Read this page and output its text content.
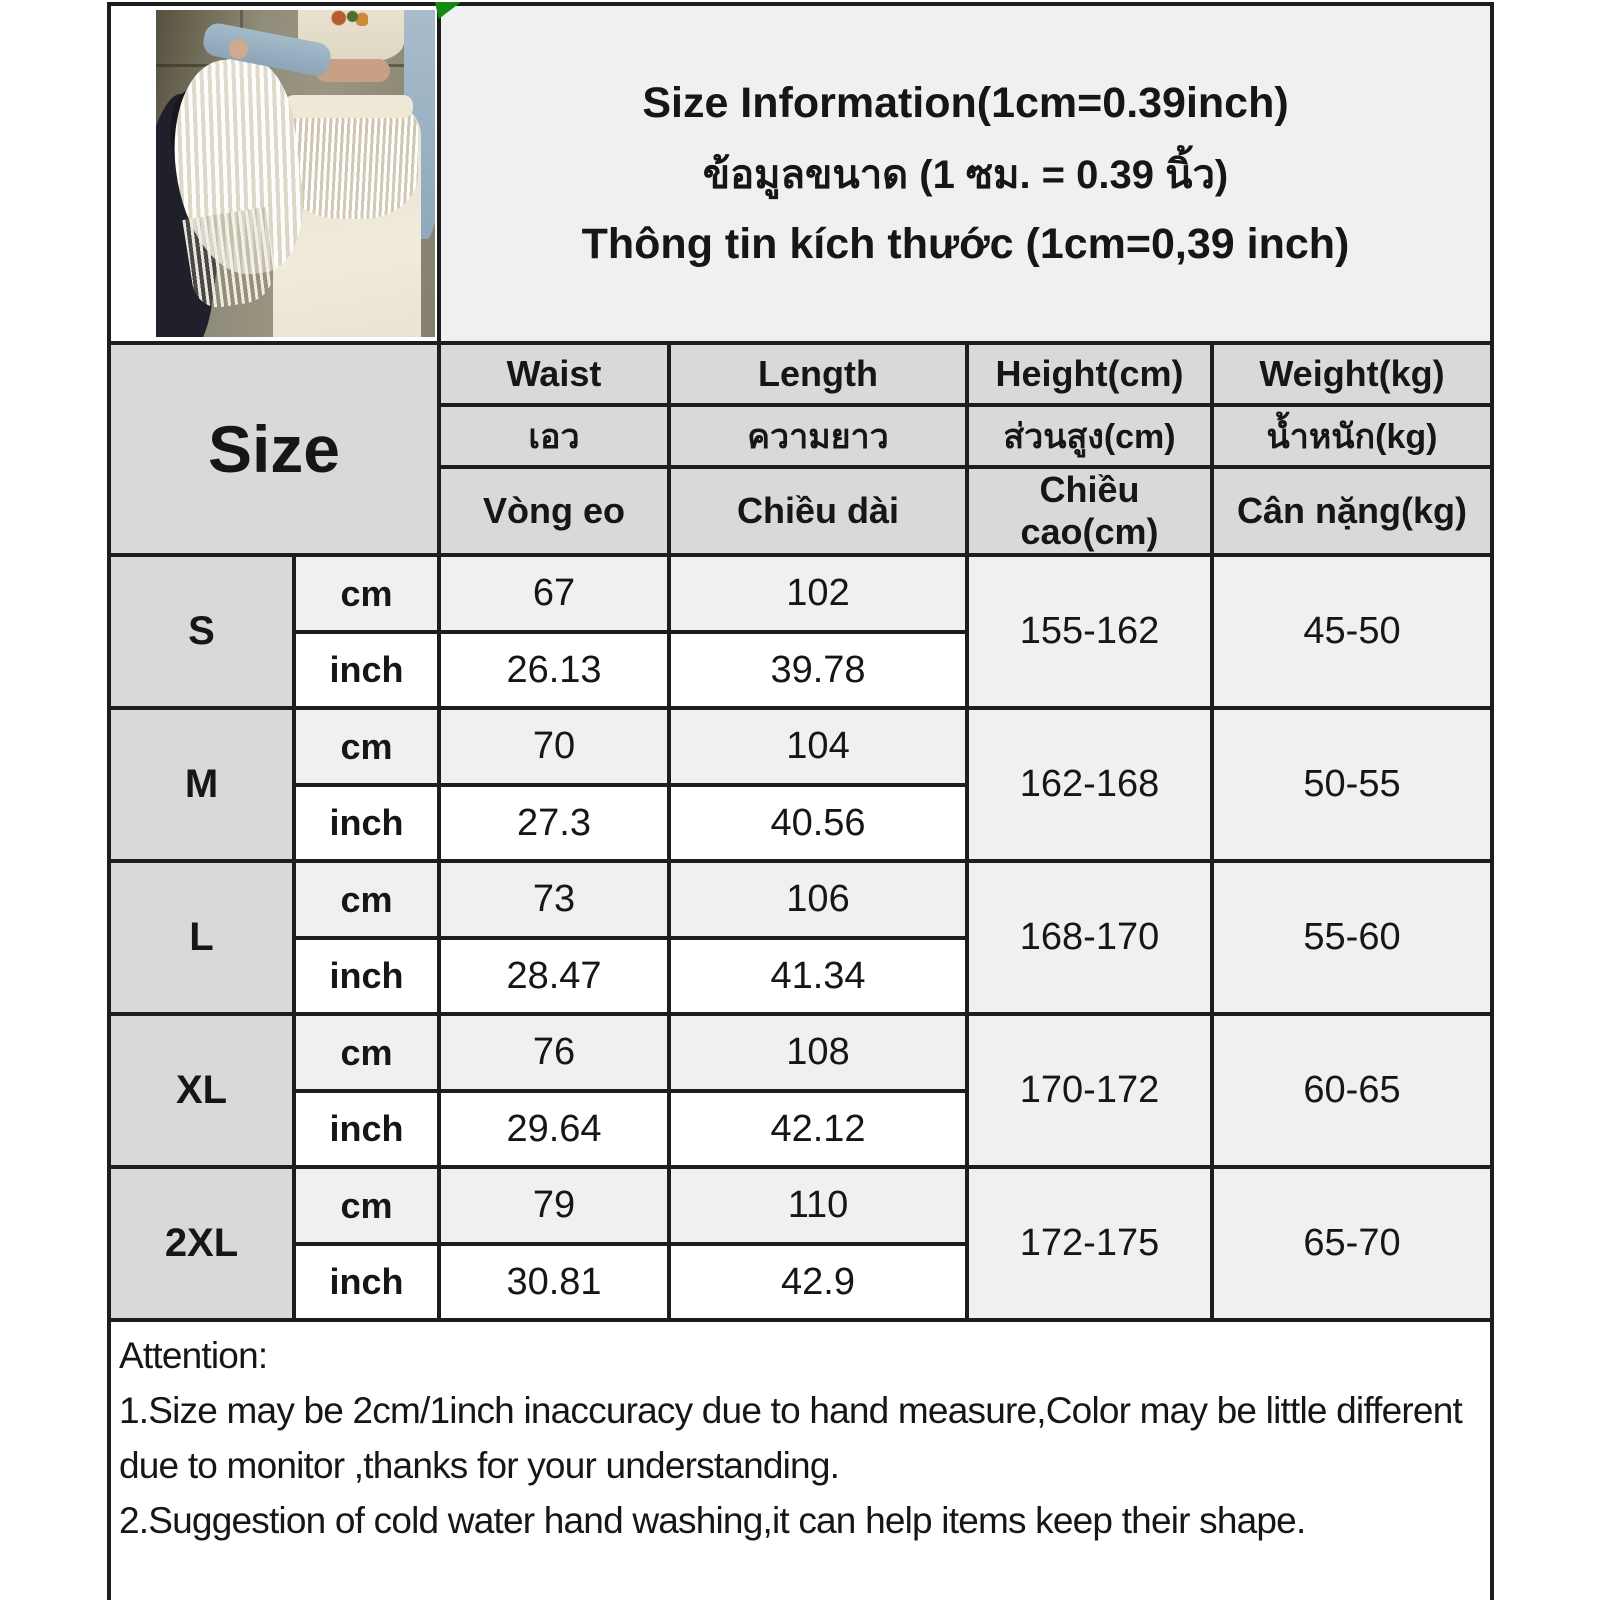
		Size Information(1cm=0.39inch)
ข้อมูลขนาด (1 ซม. = 0.39 นิ้ว)
Thông tin kích thước (1cm=0,39 inch)			

Size		Waist	Length	Height(cm)	Weight(kg)
		เอว	ความยาว	ส่วนสูง(cm)	น้ำหนัก(kg)
		Vòng eo	Chiều dài	Chiều cao(cm)	Cân nặng(kg)
S	cm	67	102	155-162	45-50
	inch	26.13	39.78		
M	cm	70	104	162-168	50-55
	inch	27.3	40.56		
L	cm	73	106	168-170	55-60
	inch	28.47	41.34		
XL	cm	76	108	170-172	60-65
	inch	29.64	42.12		
2XL	cm	79	110	172-175	65-70
	inch	30.81	42.9		

Attention:
1.Size may be 2cm/1inch inaccuracy due to hand measure,Color may be little different
due to monitor ,thanks for your understanding.
2.Suggestion of cold water hand washing,it can help items keep their shape.					
